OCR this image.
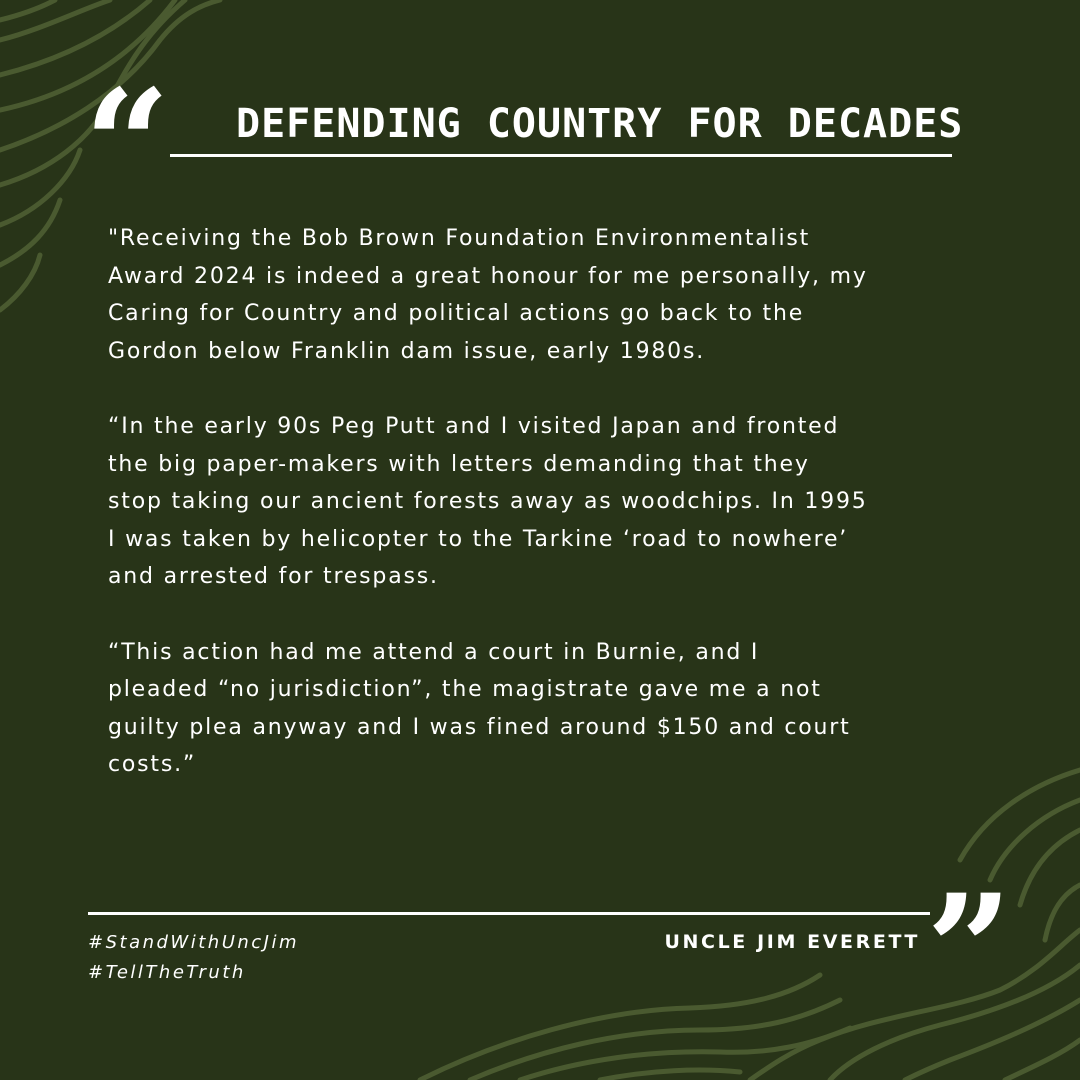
“ DEFENDING COUNTRY FOR DECADES

"Receiving the Bob Brown Foundation Environmentalist
Award 2024 is indeed a great honour for me personally, my
Caring for Country and political actions go back to the
Gordon below Franklin dam issue, early 1980s.

“In the early 90s Peg Putt and I visited Japan and fronted
the big paper-makers with letters demanding that they
stop taking our ancient forests away as woodchips. In 1995
I was taken by helicopter to the Tarkine ‘road to nowhere’
and arrested for trespass.

“This action had me attend a court in Burnie, and I
pleaded “no jurisdiction”, the magistrate gave me a not
guilty plea anyway and I was fined around $150 and court
costs.”

#StandWithUncJim
#TellTheTruth
UNCLE JIM EVERETT ”
